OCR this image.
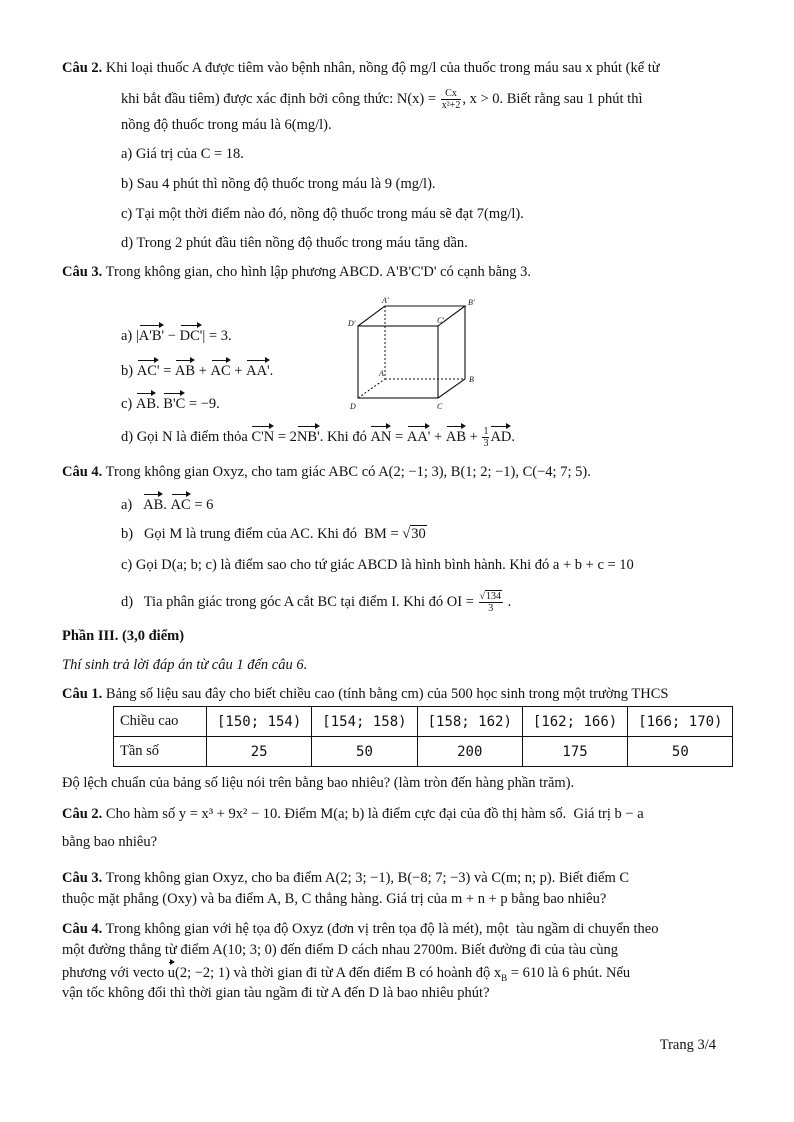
Câu 2. Khi loại thuốc A được tiêm vào bệnh nhân, nồng độ mg/l của thuốc trong máu sau x phút (kể từ
khi bắt đầu tiêm) được xác định bởi công thức: $N(x) = \frac{Cx}{\text{x²+2}}$ , x > 0. Biết rằng sau 1 phút thì
nồng độ thuốc trong máu là 6(mg/l).
a) Giá trị của C = 18.
b) Sau 4 phút thì nồng độ thuốc trong máu là 9 (mg/l).
c) Tại một thời điểm nào đó, nồng độ thuốc trong máu sẽ đạt 7(mg/l).
d) Trong 2 phút đầu tiên nồng độ thuốc trong máu tăng dần.
Câu 3. Trong không gian, cho hình lập phương ABCD. A'B'C'D' có cạnh bằng 3.
A'	B'
C'
D'
A
B
C
D
a) |A'B' − DC'| = 3.
b) AC' = AB + AC + AA'.
c) AB. B'C = −9.
d) Gọi N là điểm thỏa C'N = 2NB'. Khi đó AN = AA' + AB + $\frac{1}{3}$ AD.
Câu 4. Trong không gian Oxyz, cho tam giác ABC có A(2; −1; 3), B(1; 2; −1), C(−4; 7; 5).
a)   AB. AC = 6
b)   Gọi M là trung điểm của AC. Khi đó  BM = √30
c) Gọi D(a; b; c) là điểm sao cho tứ giác ABCD là hình bình hành. Khi đó a + b + c = 10
d)   Tia phân giác trong góc A cắt BC tại điểm I. Khi đó OI = $\frac{√134}{3}$ .
Phần III. (3,0 điểm)
Thí sinh trả lời đáp án từ câu 1 đến câu 6.
Câu 1. Bảng số liệu sau đây cho biết chiều cao (tính bằng cm) của 500 học sinh trong một trường THCS
Chiều cao	[150; 154)	[154; 158)	[158; 162)	[162; 166)	[166; 170)
Tần số	25	50	200	175	50
Độ lệch chuẩn của bảng số liệu nói trên bằng bao nhiêu? (làm tròn đến hàng phần trăm).
Câu 2. Cho hàm số y = x³ + 9x² − 10. Điểm M(a; b) là điểm cực đại của đồ thị hàm số.  Giá trị b − a
bằng bao nhiêu?
Câu 3. Trong không gian Oxyz, cho ba điểm A(2; 3; −1), B(−8; 7; −3) và C(m; n; p). Biết điểm C
thuộc mặt phẳng (Oxy) và ba điểm A, B, C thẳng hàng. Giá trị của m + n + p bằng bao nhiêu?
Câu 4. Trong không gian với hệ tọa độ Oxyz (đơn vị trên tọa độ là mét), một  tàu ngầm di chuyển theo
một đường thẳng từ điểm A(10; 3; 0) đến điểm D cách nhau 2700m. Biết đường đi của tàu cùng
phương với vecto u(2; −2; 1) và thời gian đi từ A đến điểm B có hoành độ $x_B = 610$ là 6 phút. Nếu
vận tốc không đổi thì thời gian tàu ngầm đi từ A đến D là bao nhiêu phút?
Trang 3/4
